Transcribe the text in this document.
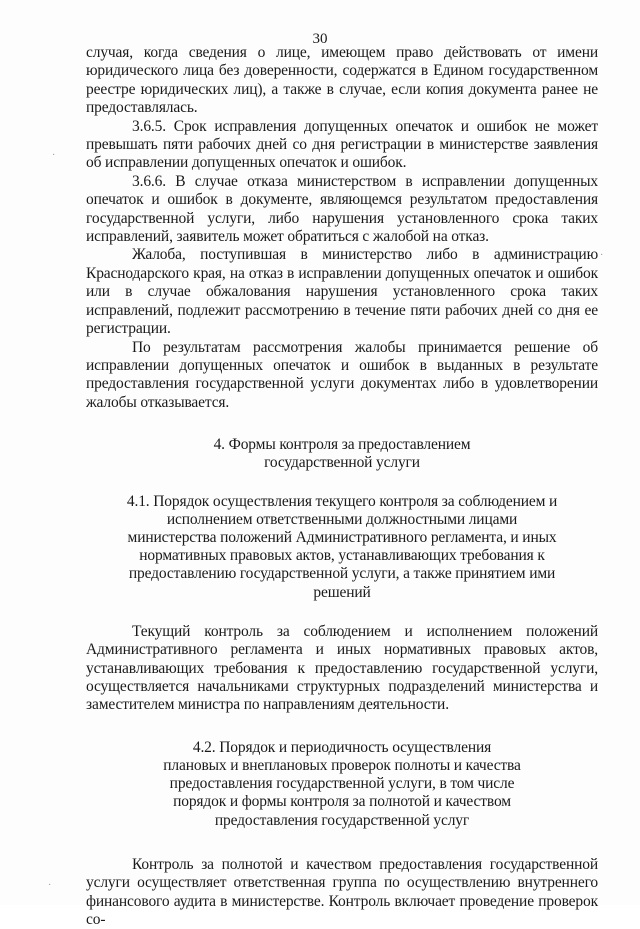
30

случая, когда сведения о лице, имеющем право действовать от имени юридического лица без доверенности, содержатся в Едином государственном реестре юридических лиц), а также в случае, если копия документа ранее не предоставлялась.

3.6.5. Срок исправления допущенных опечаток и ошибок не может превышать пяти рабочих дней со дня регистрации в министерстве заявления об исправлении допущенных опечаток и ошибок.

3.6.6. В случае отказа министерством в исправлении допущенных опечаток и ошибок в документе, являющемся результатом предоставления государственной услуги, либо нарушения установленного срока таких исправлений, заявитель может обратиться с жалобой на отказ.

Жалоба, поступившая в министерство либо в администрацию Краснодарского края, на отказ в исправлении допущенных опечаток и ошибок или в случае обжалования нарушения установленного срока таких исправлений, подлежит рассмотрению в течение пяти рабочих дней со дня ее регистрации.

По результатам рассмотрения жалобы принимается решение об исправлении допущенных опечаток и ошибок в выданных в результате предоставления государственной услуги документах либо в удовлетворении жалобы отказывается.

4. Формы контроля за предоставлением
государственной услуги
4.1. Порядок осуществления текущего контроля за соблюдением и исполнением ответственными должностными лицами министерства положений Административного регламента, и иных нормативных правовых актов, устанавливающих требования к предоставлению государственной услуги, а также принятием ими решений

Текущий контроль за соблюдением и исполнением положений Административного регламента и иных нормативных правовых актов, устанавливающих требования к предоставлению государственной услуги, осуществляется начальниками структурных подразделений министерства и заместителем министра по направлениям деятельности.

4.2. Порядок и периодичность осуществления плановых и внеплановых проверок полноты и качества предоставления государственной услуги, в том числе порядок и формы контроля за полнотой и качеством предоставления государственной услуг

Контроль за полнотой и качеством предоставления государственной услуги осуществляет ответственная группа по осуществлению внутреннего финансового аудита в министерстве. Контроль включает проведение проверок со-

·
·
·
